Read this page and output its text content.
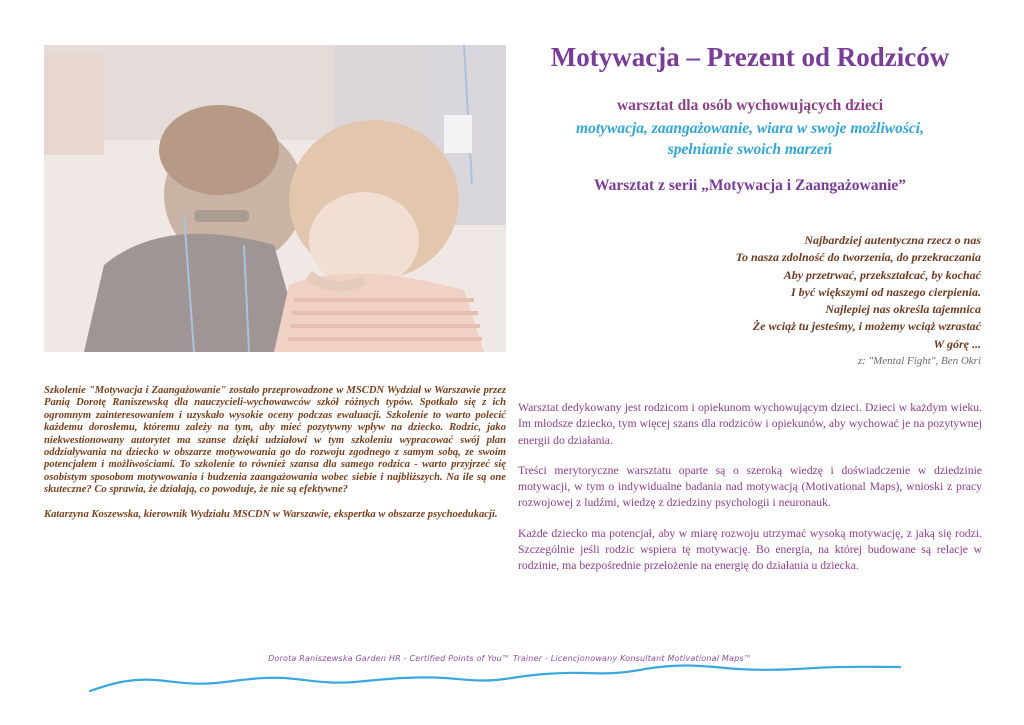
Motywacja – Prezent od Rodziców
warsztat dla osób wychowujących dzieci
motywacja, zaangażowanie, wiara w swoje możliwości,
spełnianie swoich marzeń
Warsztat z serii „Motywacja i Zaangażowanie”
Najbardziej autentyczna rzecz o nas
To nasza zdolność do tworzenia, do przekraczania
Aby przetrwać, przekształcać, by kochać
I być większymi od naszego cierpienia.
Najlepiej nas określa tajemnica
Że wciąż tu jesteśmy, i możemy wciąż wzrastać
W górę ...
z: "Mental Fight", Ben Okri

Szkolenie "Motywacja i Zaangażowanie" zostało przeprowadzone w MSCDN Wydział w Warszawie przez Panią Dorotę Raniszewską dla nauczycieli-wychowawców szkół różnych typów. Spotkało się z ich ogromnym zainteresowaniem i uzyskało wysokie oceny podczas ewaluacji. Szkolenie to warto polecić każdemu dorosłemu, któremu zależy na tym, aby mieć pozytywny wpływ na dziecko. Rodzic, jako niekwestionowany autorytet ma szanse dzięki udziałowi w tym szkoleniu wypracować swój plan oddziaływania na dziecko w obszarze motywowania go do rozwoju zgodnego z samym sobą, ze swoim potencjałem i możliwościami. To szkolenie to również szansa dla samego rodzica - warto przyjrzeć się osobistym sposobom motywowania i budzenia zaangażowania wobec siebie i najbliższych. Na ile są one skuteczne? Co sprawia, że działają, co powoduje, że nie są efektywne?

Katarzyna Koszewska, kierownik Wydziału MSCDN w Warszawie, ekspertka w obszarze psychoedukacji.

Warsztat dedykowany jest rodzicom i opiekunom wychowującym dzieci. Dzieci w każdym wieku. Im młodsze dziecko, tym więcej szans dla rodziców i opiekunów, aby wychować je na pozytywnej energii do działania.

Treści merytoryczne warsztatu oparte są o szeroką wiedzę i doświadczenie w dziedzinie motywacji, w tym o indywidualne badania nad motywacją (Motivational Maps), wnioski z pracy rozwojowej z ludźmi, wiedzę z dziedziny psychologii i neuronauk.

Każde dziecko ma potencjał, aby w miarę rozwoju utrzymać wysoką motywację, z jaką się rodzi. Szczególnie jeśli rodzic wspiera tę motywację. Bo energia, na której budowane są relacje w rodzinie, ma bezpośrednie przełożenie na energię do działania u dziecka.

Dorota Raniszewska Garden HR - Certified Points of You™ Trainer - Licencjonowany Konsultant Motivational Maps™
